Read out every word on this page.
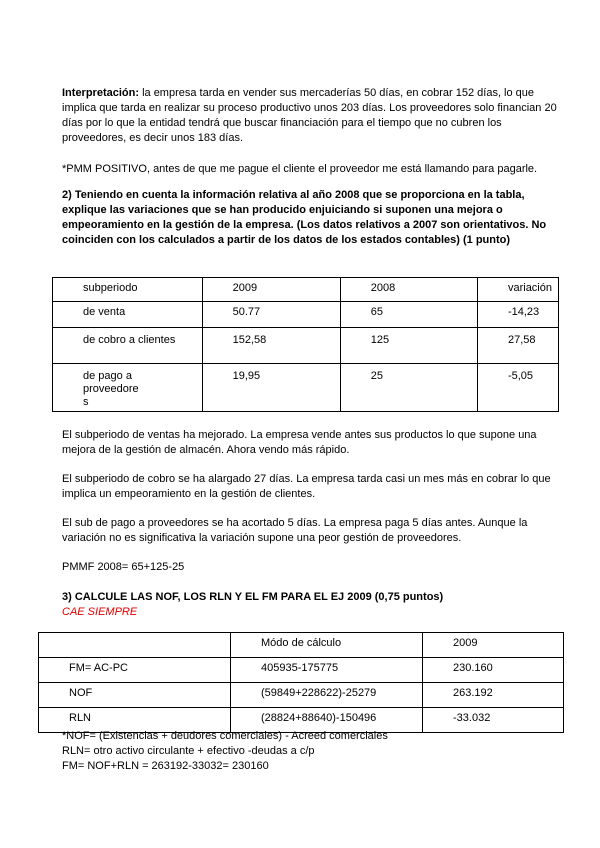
Interpretación: la empresa tarda en vender sus mercaderías 50 días, en cobrar 152 días, lo que implica que tarda en realizar su proceso productivo unos 203 días. Los proveedores solo financian 20 días por lo que la entidad tendrá que buscar financiación para el tiempo que no cubren los proveedores, es decir unos 183 días.

*PMM POSITIVO, antes de que me pague el cliente el proveedor me está llamando para pagarle.

2) Teniendo en cuenta la información relativa al año 2008 que se proporciona en la tabla, explique las variaciones que se han producido enjuiciando si suponen una mejora o empeoramiento en la gestión de la empresa. (Los datos relativos a 2007 son orientativos. No coinciden con los calculados a partir de los datos de los estados contables) (1 punto)

subperiodo	2009	2008	variación
de venta	50.77	65	-14,23
de cobro a clientes	152,58	125	27,58

de pago a proveedore s	19,95	25	-5,05

El subperiodo de ventas ha mejorado. La empresa vende antes sus productos lo que supone una mejora de la gestión de almacén. Ahora vendo más rápido.

El subperiodo de cobro se ha alargado 27 días. La empresa tarda casi un mes más en cobrar lo que implica un empeoramiento en la gestión de clientes.

El sub de pago a proveedores se ha acortado 5 días. La empresa paga 5 días antes. Aunque la variación no es significativa la variación supone una peor gestión de proveedores.

PMMF 2008= 65+125-25

3) CALCULE LAS NOF, LOS RLN Y EL FM PARA EL EJ 2009 (0,75 puntos)

CAE SIEMPRE

	Módo de cálculo	2009
FM= AC-PC	405935-175775	230.160
NOF	(59849+228622)-25279	263.192
RLN	(28824+88640)-150496	-33.032

*NOF= (Existencias + deudores comerciales) - Acreed comerciales

RLN= otro activo circulante + efectivo -deudas a c/p

FM= NOF+RLN = 263192-33032= 230160
